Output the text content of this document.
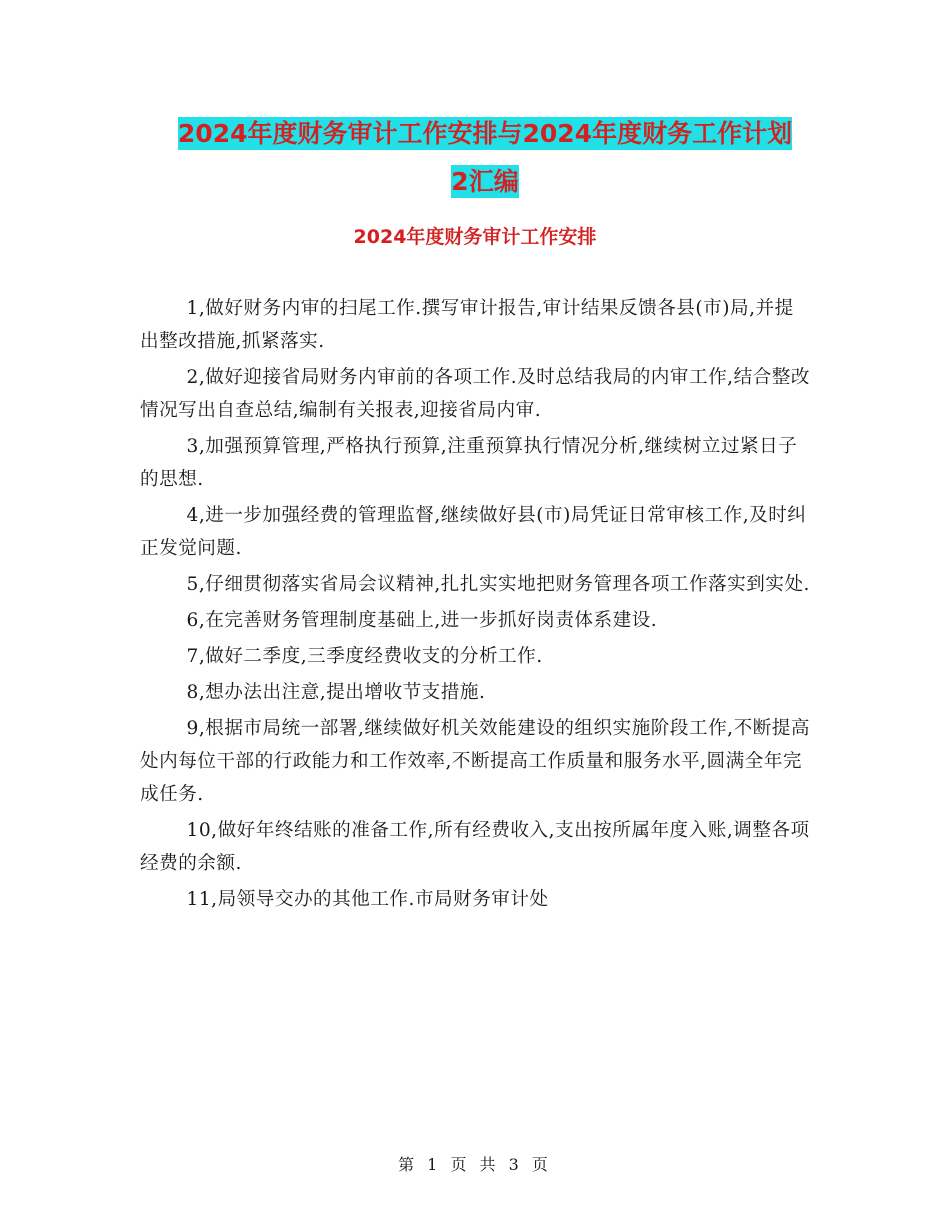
2024年度财务审计工作安排与2024年度财务工作计划
2汇编
2024年度财务审计工作安排

1,做好财务内审的扫尾工作.撰写审计报告,审计结果反馈各县(市)局,并提出整改措施,抓紧落实.

2,做好迎接省局财务内审前的各项工作.及时总结我局的内审工作,结合整改情况写出自查总结,编制有关报表,迎接省局内审.

3,加强预算管理,严格执行预算,注重预算执行情况分析,继续树立过紧日子的思想.

4,进一步加强经费的管理监督,继续做好县(市)局凭证日常审核工作,及时纠正发觉问题.

5,仔细贯彻落实省局会议精神,扎扎实实地把财务管理各项工作落实到实处.

6,在完善财务管理制度基础上,进一步抓好岗责体系建设.

7,做好二季度,三季度经费收支的分析工作.

8,想办法出注意,提出增收节支措施.

9,根据市局统一部署,继续做好机关效能建设的组织实施阶段工作,不断提高处内每位干部的行政能力和工作效率,不断提高工作质量和服务水平,圆满全年完成任务.

10,做好年终结账的准备工作,所有经费收入,支出按所属年度入账,调整各项经费的余额.

11,局领导交办的其他工作.市局财务审计处

第 1 页 共 3 页
